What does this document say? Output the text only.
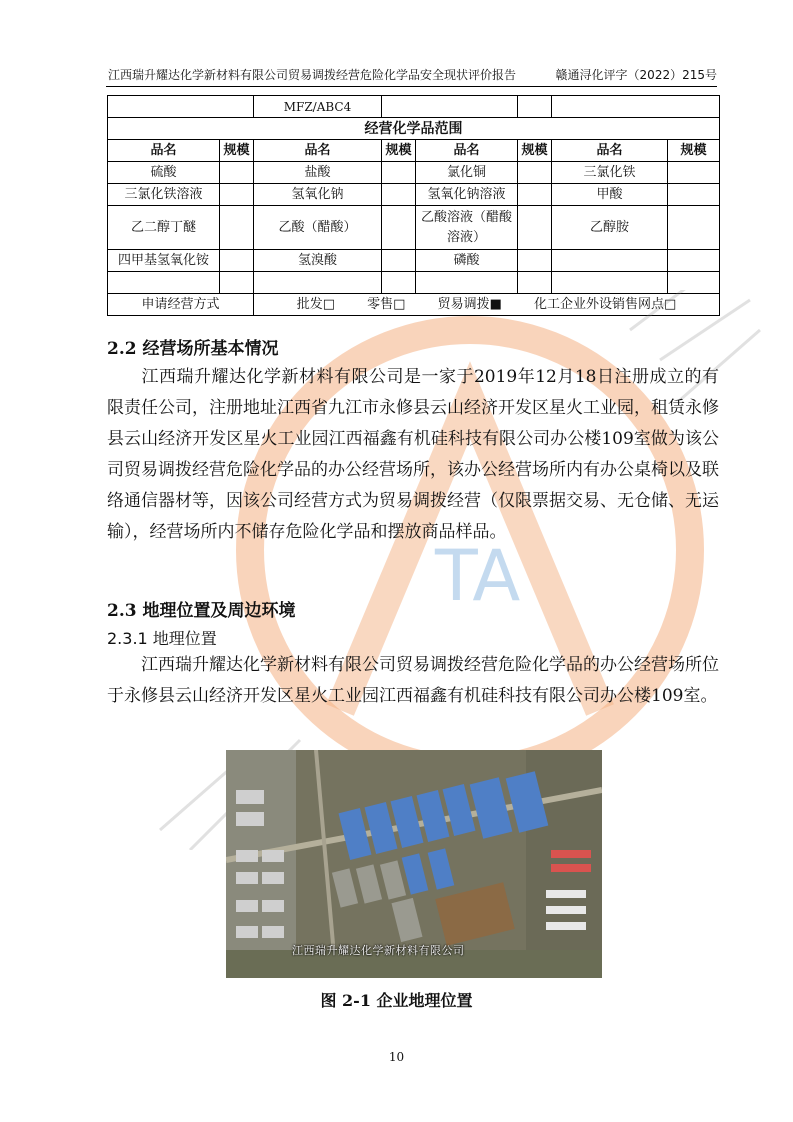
江西瑞升耀达化学新材料有限公司贸易调拨经营危险化学品安全现状评价报告	赣通浔化评字（2022）215号
		MFZ/ABC4					
经营化学品范围							
品名	规模	品名	规模	品名	规模	品名	规模
硫酸		盐酸		氯化铜		三氯化铁	
三氯化铁溶液		氢氧化钠		氢氧化钠溶液		甲酸	
乙二醇丁醚		乙酸（醋酸）		乙酸溶液（醋酸溶液）		乙醇胺	
四甲基氢氧化铵		氢溴酸		磷酸			

申请经营方式		批发□ 零售□ 贸易调拨■ 化工企业外设销售网点□					
TA
2.2 经营场所基本情况
江西瑞升耀达化学新材料有限公司是一家于2019年12月18日注册成立的有限责任公司，注册地址江西省九江市永修县云山经济开发区星火工业园，租赁永修县云山经济开发区星火工业园江西福鑫有机硅科技有限公司办公楼109室做为该公司贸易调拨经营危险化学品的办公经营场所，该办公经营场所内有办公桌椅以及联络通信器材等，因该公司经营方式为贸易调拨经营（仅限票据交易、无仓储、无运输），经营场所内不储存危险化学品和摆放商品样品。
2.3 地理位置及周边环境
2.3.1 地理位置
江西瑞升耀达化学新材料有限公司贸易调拨经营危险化学品的办公经营场所位于永修县云山经济开发区星火工业园江西福鑫有机硅科技有限公司办公楼109室。
江西瑞升耀达化学新材料有限公司
图 2-1 企业地理位置
10
